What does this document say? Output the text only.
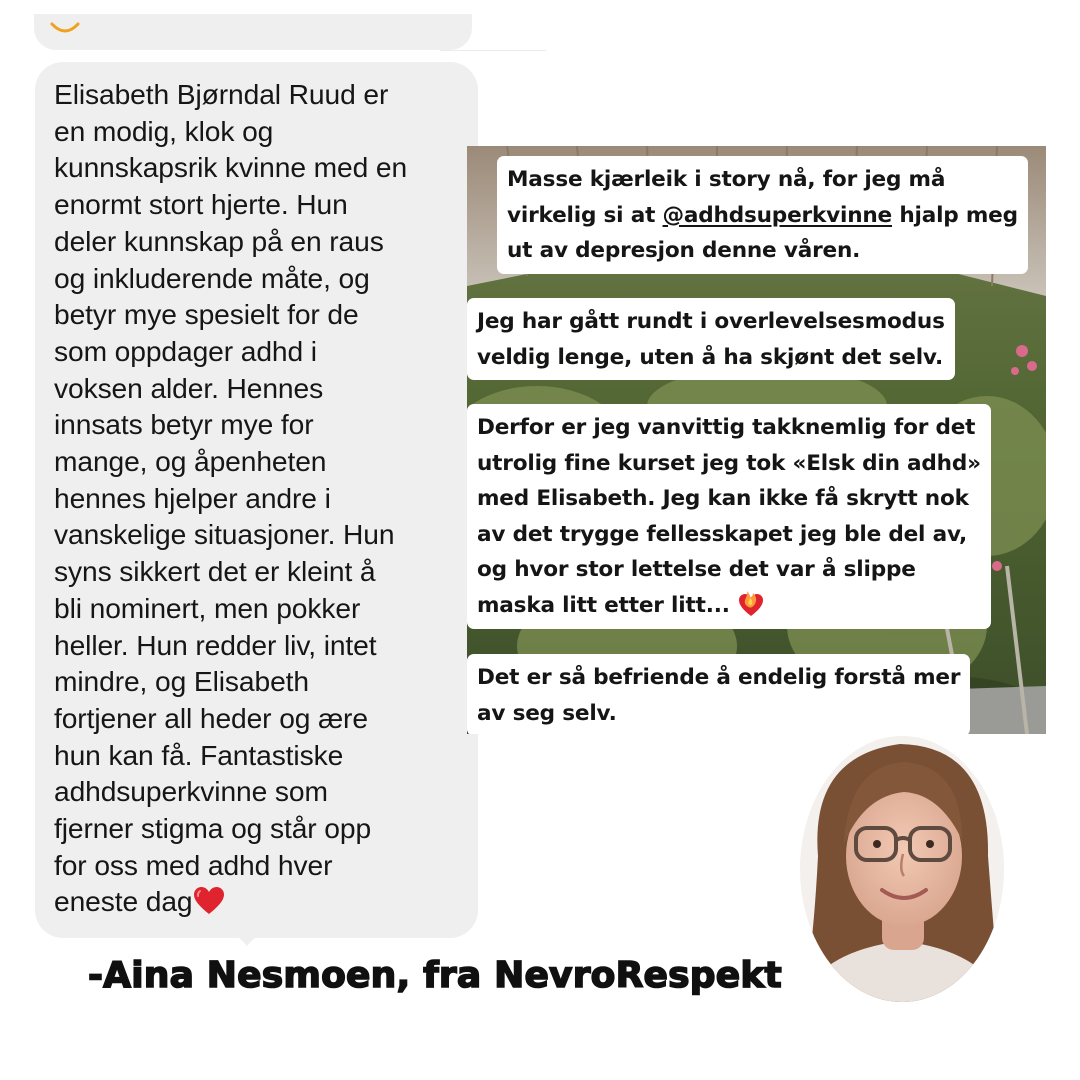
Elisabeth Bjørndal Ruud er
en modig, klok og
kunnskapsrik kvinne med en
enormt stort hjerte. Hun
deler kunnskap på en raus
og inkluderende måte, og
betyr mye spesielt for de
som oppdager adhd i
voksen alder. Hennes
innsats betyr mye for
mange, og åpenheten
hennes hjelper andre i
vanskelige situasjoner. Hun
syns sikkert det er kleint å
bli nominert, men pokker
heller. Hun redder liv, intet
mindre, og Elisabeth
fortjener all heder og ære
hun kan få. Fantastiske
adhdsuperkvinne som
fjerner stigma og står opp
for oss med adhd hver
eneste dag
Masse kjærleik i story nå, for jeg må
virkelig si at @adhdsuperkvinne hjalp meg
ut av depresjon denne våren.
Jeg har gått rundt i overlevelsesmodus
veldig lenge, uten å ha skjønt det selv.
Derfor er jeg vanvittig takknemlig for det
utrolig fine kurset jeg tok «Elsk din adhd»
med Elisabeth. Jeg kan ikke få skrytt nok
av det trygge fellesskapet jeg ble del av,
og hvor stor lettelse det var å slippe
maska litt etter litt...
Det er så befriende å endelig forstå mer
av seg selv.
-Aina Nesmoen, fra NevroRespekt
